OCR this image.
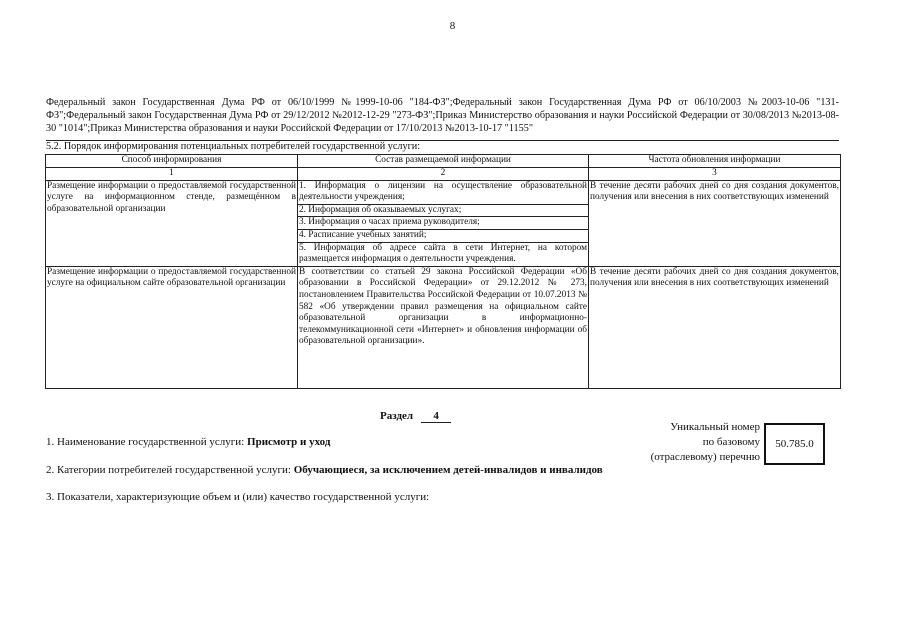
8
Федеральный закон Государственная Дума РФ от 06/10/1999 №1999-10-06 "184-ФЗ";Федеральный закон Государственная Дума РФ от 06/10/2003 №2003-10-06 "131-ФЗ";Федеральный закон Государственная Дума РФ от 29/12/2012 №2012-12-29 "273-ФЗ";Приказ Министерство образования и науки Российской Федерации от 30/08/2013 №2013-08-30 "1014";Приказ Министерства образования и науки Российской Федерации от 17/10/2013 №2013-10-17 "1155"
5.2. Порядок информирования потенциальных потребителей государственной услуги:
Способ информирования	Состав размещаемой информации	Частота обновления информации
1	2	3
Размещение информации о предоставляемой государственной услуге на информационном стенде, размещённом в образовательной организации	1. Информация о лицензии на осуществление образовательной деятельности учреждения;
2. Информация об оказываемых услугах;
3. Информация о часах приема руководителя;
4. Расписание учебных занятий;
5. Информация об адресе сайта в сети Интернет, на котором размещается информация о деятельности учреждения.	В течение десяти рабочих дней со дня создания документов, получения или внесения в них соответствующих изменений
Размещение информации о предоставляемой государственной услуге на официальном сайте образовательной организации	В соответствии со статьей 29 закона Российской Федерации «Об образовании в Российской Федерации» от 29.12.2012 № 273, постановлением Правительства Российской Федерации от 10.07.2013 № 582 «Об утверждении правил размещения на официальном сайте образовательной организации в информационно-телекоммуникационной сети «Интернет» и обновления информации об образовательной организации».	В течение десяти рабочих дней со дня создания документов, получения или внесения в них соответствующих изменений
Раздел 4
1. Наименование государственной услуги: Присмотр и уход
2. Категории потребителей государственной услуги: Обучающиеся, за исключением детей-инвалидов и инвалидов
3. Показатели, характеризующие объем и (или) качество государственной услуги:
Уникальный номер
по базовому
(отраслевому) перечню
50.785.0
